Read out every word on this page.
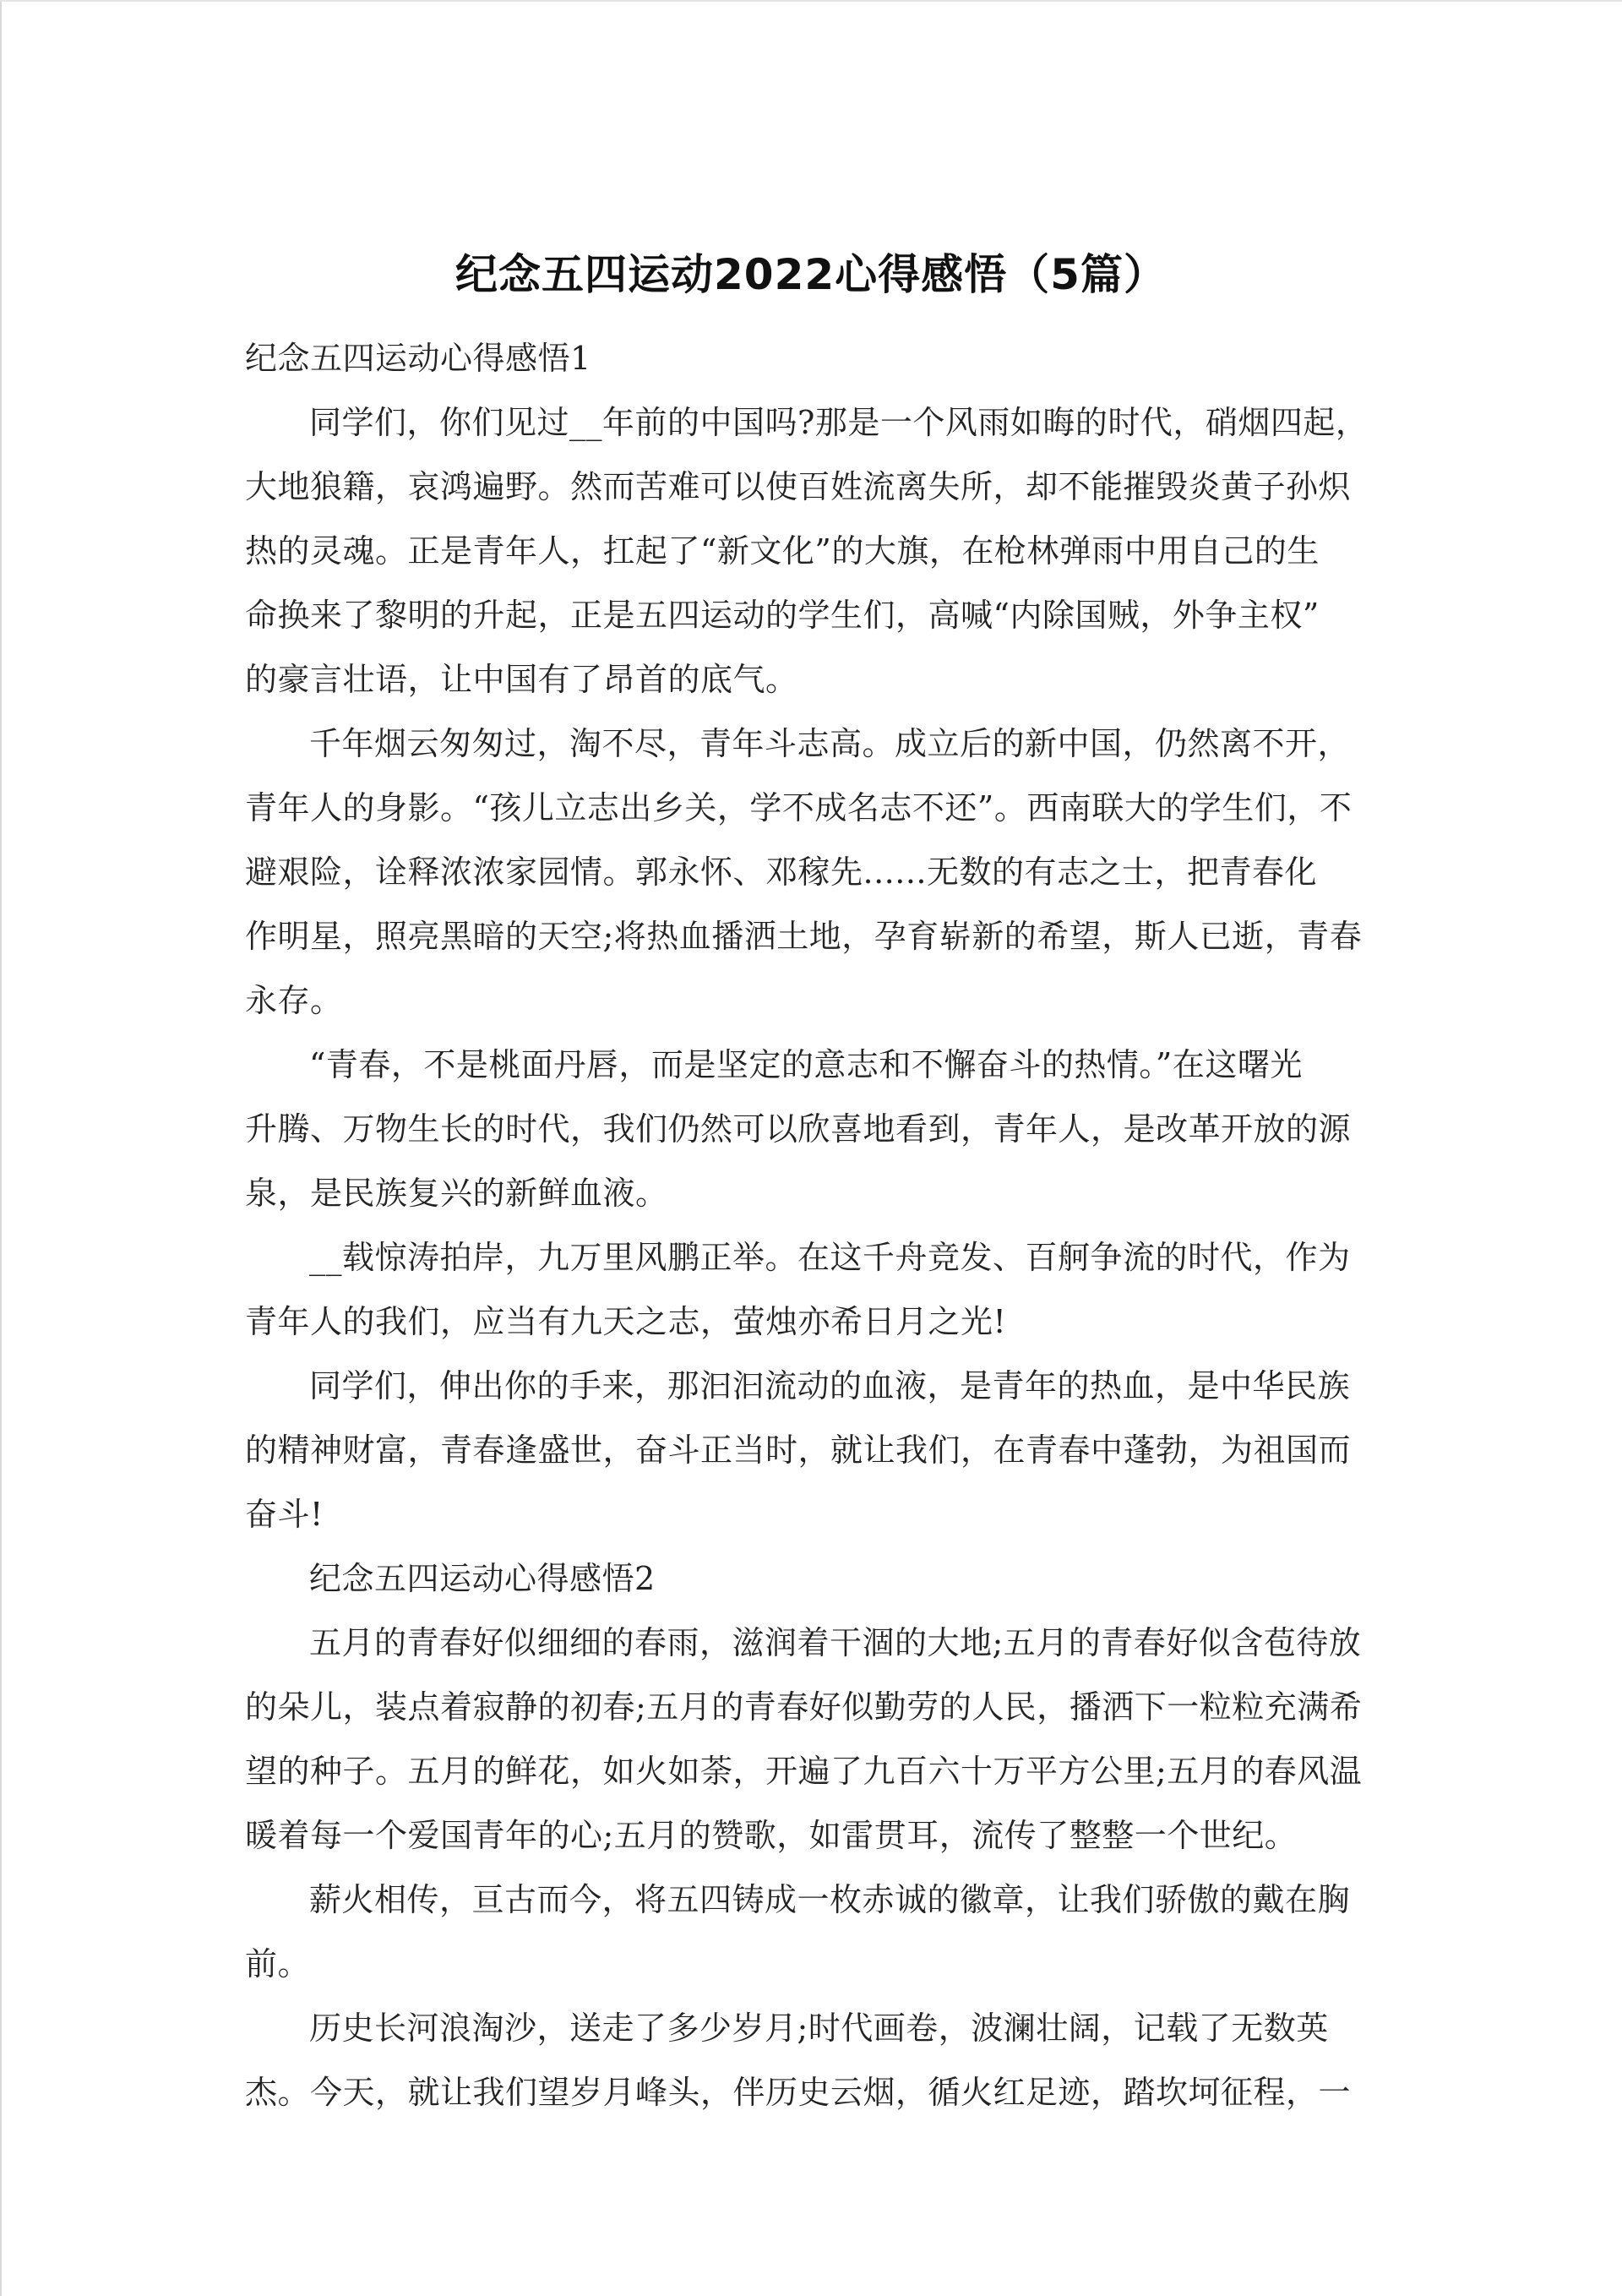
纪念五四运动2022心得感悟（5篇）
纪念五四运动心得感悟1
同学们，你们见过__年前的中国吗?那是一个风雨如晦的时代，硝烟四起，
大地狼籍，哀鸿遍野。然而苦难可以使百姓流离失所，却不能摧毁炎黄子孙炽
热的灵魂。正是青年人，扛起了“新文化”的大旗，在枪林弹雨中用自己的生
命换来了黎明的升起，正是五四运动的学生们，高喊“内除国贼，外争主权”
的豪言壮语，让中国有了昂首的底气。
千年烟云匆匆过，淘不尽，青年斗志高。成立后的新中国，仍然离不开，
青年人的身影。“孩儿立志出乡关，学不成名志不还”。西南联大的学生们，不
避艰险，诠释浓浓家园情。郭永怀、邓稼先......无数的有志之士，把青春化
作明星，照亮黑暗的天空;将热血播洒土地，孕育崭新的希望，斯人已逝，青春
永存。
“青春，不是桃面丹唇，而是坚定的意志和不懈奋斗的热情。”在这曙光
升腾、万物生长的时代，我们仍然可以欣喜地看到，青年人，是改革开放的源
泉，是民族复兴的新鲜血液。
__载惊涛拍岸，九万里风鹏正举。在这千舟竞发、百舸争流的时代，作为
青年人的我们，应当有九天之志，萤烛亦希日月之光!
同学们，伸出你的手来，那汩汩流动的血液，是青年的热血，是中华民族
的精神财富，青春逢盛世，奋斗正当时，就让我们，在青春中蓬勃，为祖国而
奋斗!
纪念五四运动心得感悟2
五月的青春好似细细的春雨，滋润着干涸的大地;五月的青春好似含苞待放
的朵儿，装点着寂静的初春;五月的青春好似勤劳的人民，播洒下一粒粒充满希
望的种子。五月的鲜花，如火如荼，开遍了九百六十万平方公里;五月的春风温
暖着每一个爱国青年的心;五月的赞歌，如雷贯耳，流传了整整一个世纪。
薪火相传，亘古而今，将五四铸成一枚赤诚的徽章，让我们骄傲的戴在胸
前。
历史长河浪淘沙，送走了多少岁月;时代画卷，波澜壮阔，记载了无数英
杰。今天，就让我们望岁月峰头，伴历史云烟，循火红足迹，踏坎坷征程，一
